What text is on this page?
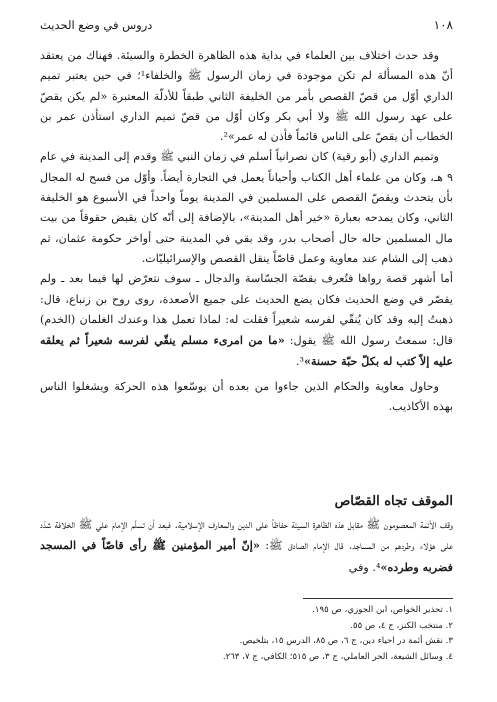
١٠٨
دروس في وضع الحديث

وقد حدث اختلاف بين العلماء في بداية هذه الظاهرة الخطرة والسيئة. فهناك من يعتقد أنّ هذه المسألة لم تكن موجودة في زمان الرسول ﷺ والخلفاء¹؛ في حين يعتبر تميم الداري أوّل من قصّ القصص بأمر من الخليفة الثاني طبقاً للأدلّة المعتبرة «لم يكن يقصّ على عهد رسول الله ﷺ ولا أبي بكر وكان أوّل من قصّ تميم الداري استأذن عمر بن الخطاب أن يقصّ على الناس قائماً فأذن له عمر»².

وتميم الداري (أبو رقية) كان نصرانياً أسلم في زمان النبي ﷺ وقدم إلى المدينة في عام ٩ هـ، وكان من علماء أهل الكتاب وأحياناً يعمل في التجارة أيضاً. وأوّل من فسح له المجال بأن يتحدث ويقصّ القصص على المسلمين في المدينة يوماً واحداً في الأسبوع هو الخليفة الثاني، وكان يمدحه بعبارة «خير أهل المدينة»، بالإضافة إلى أنّه كان يقبض حقوقاً من بيت مال المسلمين حاله حال أصحاب بدر، وقد بقي في المدينة حتى أواخر حكومة عثمان، ثم ذهب إلى الشام عند معاوية وعمل قاصّاً ينقل القصص والإسرائيليّات.

أما أشهر قصة رواها فتُعرف بقصّة الجسّاسة والدجال ـ سوف نتعرّض لها فيما بعد ـ ولم يقصّر في وضع الحديث فكان يضع الحديث على جميع الأصعدة، روى روح بن زنباع، قال: ذهبتُ إليه وقد كان يُنقّي لفرسه شعيراً فقلت له: لماذا تعمل هذا وعندك الغلمان (الخدم) قال: سمعتُ رسول الله ﷺ يقول: «ما من امرىء مسلم ينقّي لفرسه شعيراً ثم يعلقه عليه إلاّ كتب له بكلّ حبّة حسنة»³.

وحاول معاوية والحكام الذين جاءوا من بعده أن يوسّعوا هذه الحركة ويشغلوا الناس بهذه الأكاذيب.

الموقف تجاه القصّاص

وقف الأئمة المعصومون ﷺ مقابل هذه الظاهرة السيئة حفاظاً على الدين والمعارف الإسلامية. فبعد أن تسلّم الإمام علي ﷺ الخلافة شدّد على هؤلاء وطردهم من المساجد. قال الإمام الصادق ﷺ: «إنّ أمير المؤمنين ﷺ رأى قاصّاً في المسجد فضربه وطرده»⁴. وفي

١. تحذير الخواص، ابن الجوزي، ص ١٩٥.
٢. منتخب الكنز، ج ٤، ص ٥٥.
٣. نقش أئمة در احياء دين، ج ٦، ص ٨٥، الدرس ١٥، بتلخيص.
٤. وسائل الشيعة، الحر العاملي، ج ٣، ص ٥١٥؛ الكافي، ج ٧، ٢٦٣.
